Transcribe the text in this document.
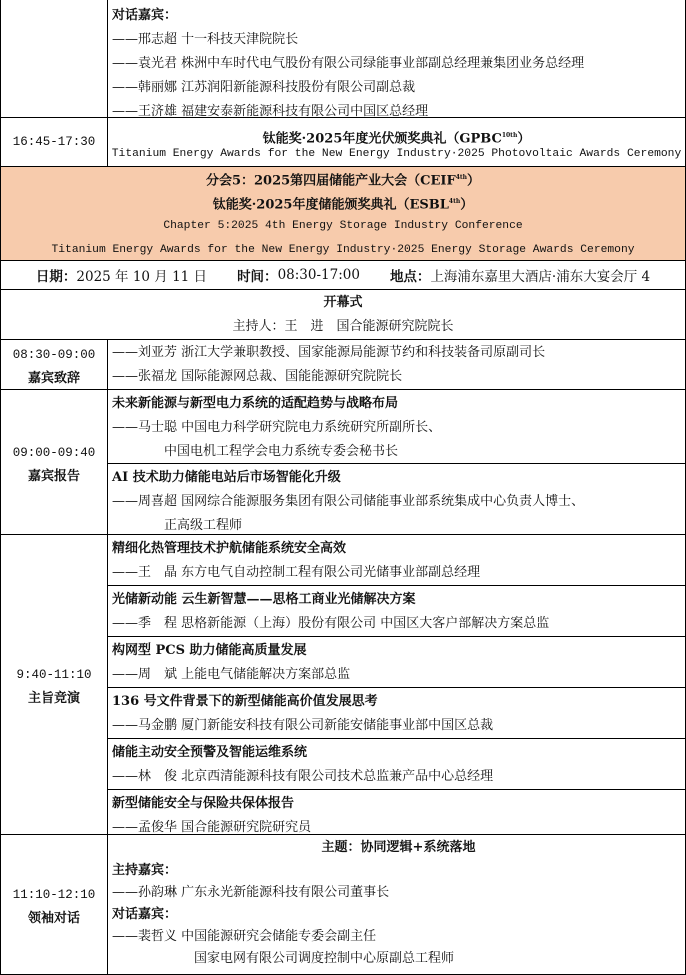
对话嘉宾：
——邢志超 十一科技天津院院长
——袁光君 株洲中车时代电气股份有限公司绿能事业部副总经理兼集团业务总经理
——韩丽娜 江苏润阳新能源科技股份有限公司副总裁
——王济雄 福建安泰新能源科技有限公司中国区总经理
16:45-17:30	钛能奖·2025年度光伏颁奖典礼$(GPBC^{10th})$
Titanium Energy Awards for the New Energy Industry·2025 Photovoltaic Awards Ceremony
分会5：2025第四届储能产业大会$(CEIF^{4th})$
钛能奖·2025年度储能颁奖典礼$(ESBL^{4th})$
Chapter 5:2025 4th Energy Storage Industry Conference
Titanium Energy Awards for the New Energy Industry·2025 Energy Storage Awards Ceremony
日期： 2025 年 10 月 11 日 时间： 08:30-17:00 地点： 上海浦东嘉里大酒店·浦东大宴会厅 4
开幕式
主持人：王　进　国合能源研究院院长
08:30-09:00
嘉宾致辞
——刘亚芳 浙江大学兼职教授、国家能源局能源节约和科技装备司原副司长
——张福龙 国际能源网总裁、国能能源研究院院长
09:00-09:40
嘉宾报告
未来新能源与新型电力系统的适配趋势与战略布局
——马士聪 中国电力科学研究院电力系统研究所副所长、
中国电机工程学会电力系统专委会秘书长
AI 技术助力储能电站后市场智能化升级
——周喜超 国网综合能源服务集团有限公司储能事业部系统集成中心负责人博士、
正高级工程师
9:40-11:10
主旨竞演
精细化热管理技术护航储能系统安全高效
——王　晶 东方电气自动控制工程有限公司光储事业部副总经理
光储新动能 云生新智慧——思格工商业光储解决方案
——季　程 思格新能源（上海）股份有限公司 中国区大客户部解决方案总监
构网型 PCS 助力储能高质量发展
——周　斌 上能电气储能解决方案部总监
136 号文件背景下的新型储能高价值发展思考
——马金鹏 厦门新能安科技有限公司新能安储能事业部中国区总裁
储能主动安全预警及智能运维系统
——林　俊 北京西清能源科技有限公司技术总监兼产品中心总经理
新型储能安全与保险共保体报告
——孟俊华 国合能源研究院研究员
11:10-12:10
领袖对话
主题：协同逻辑+系统落地
主持嘉宾：
——孙韵琳 广东永光新能源科技有限公司董事长
对话嘉宾：
——裴哲义 中国能源研究会储能专委会副主任
国家电网有限公司调度控制中心原副总工程师
